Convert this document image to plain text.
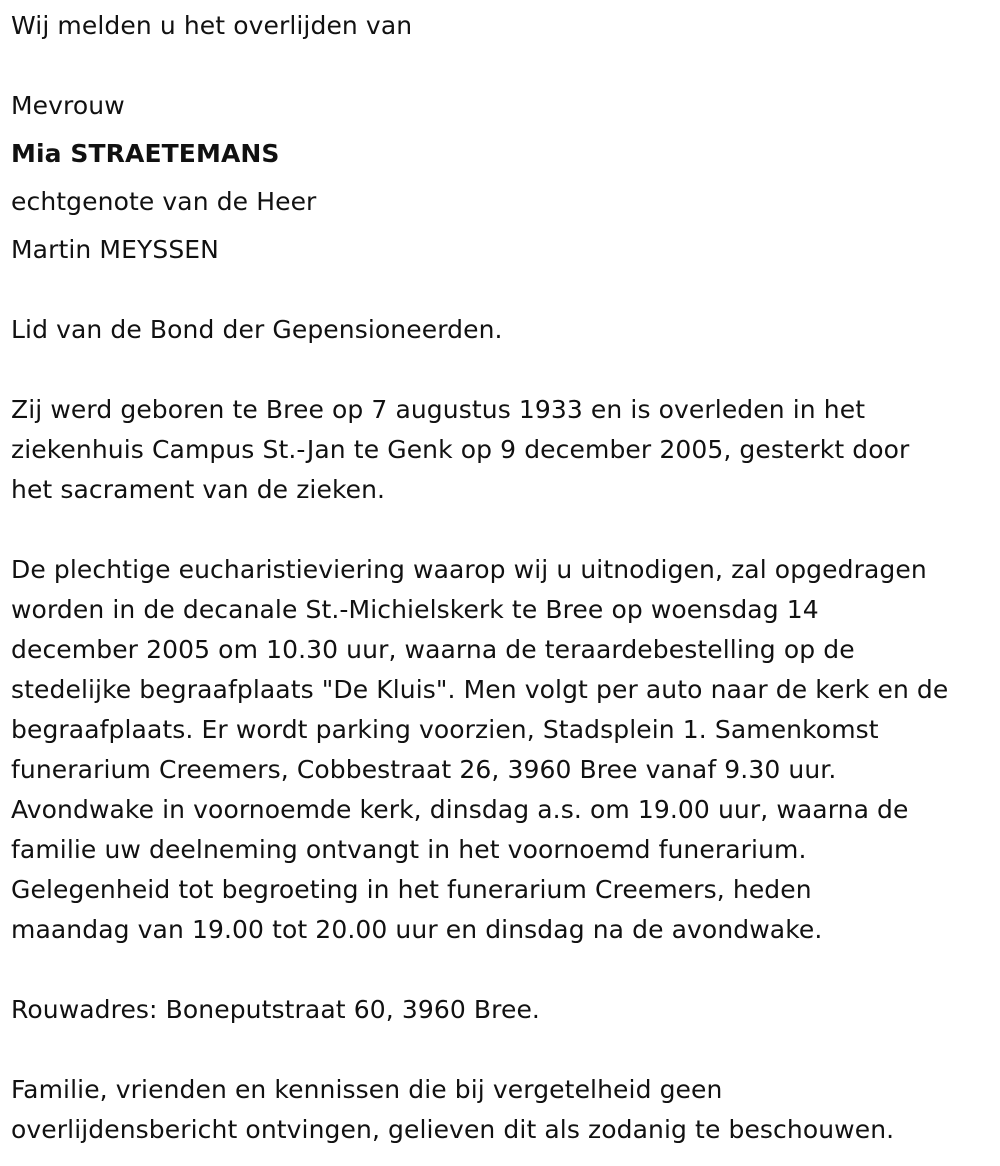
Wij melden u het overlijden van
Mevrouw
Mia STRAETEMANS
echtgenote van de Heer
Martin MEYSSEN
Lid van de Bond der Gepensioneerden.
Zij werd geboren te Bree op 7 augustus 1933 en is overleden in het
ziekenhuis Campus St.-Jan te Genk op 9 december 2005, gesterkt door
het sacrament van de zieken.
De plechtige eucharistieviering waarop wij u uitnodigen, zal opgedragen
worden in de decanale St.-Michielskerk te Bree op woensdag 14
december 2005 om 10.30 uur, waarna de teraardebestelling op de
stedelijke begraafplaats "De Kluis". Men volgt per auto naar de kerk en de
begraafplaats. Er wordt parking voorzien, Stadsplein 1. Samenkomst
funerarium Creemers, Cobbestraat 26, 3960 Bree vanaf 9.30 uur.
Avondwake in voornoemde kerk, dinsdag a.s. om 19.00 uur, waarna de
familie uw deelneming ontvangt in het voornoemd funerarium.
Gelegenheid tot begroeting in het funerarium Creemers, heden
maandag van 19.00 tot 20.00 uur en dinsdag na de avondwake.
Rouwadres: Boneputstraat 60, 3960 Bree.
Familie, vrienden en kennissen die bij vergetelheid geen
overlijdensbericht ontvingen, gelieven dit als zodanig te beschouwen.
